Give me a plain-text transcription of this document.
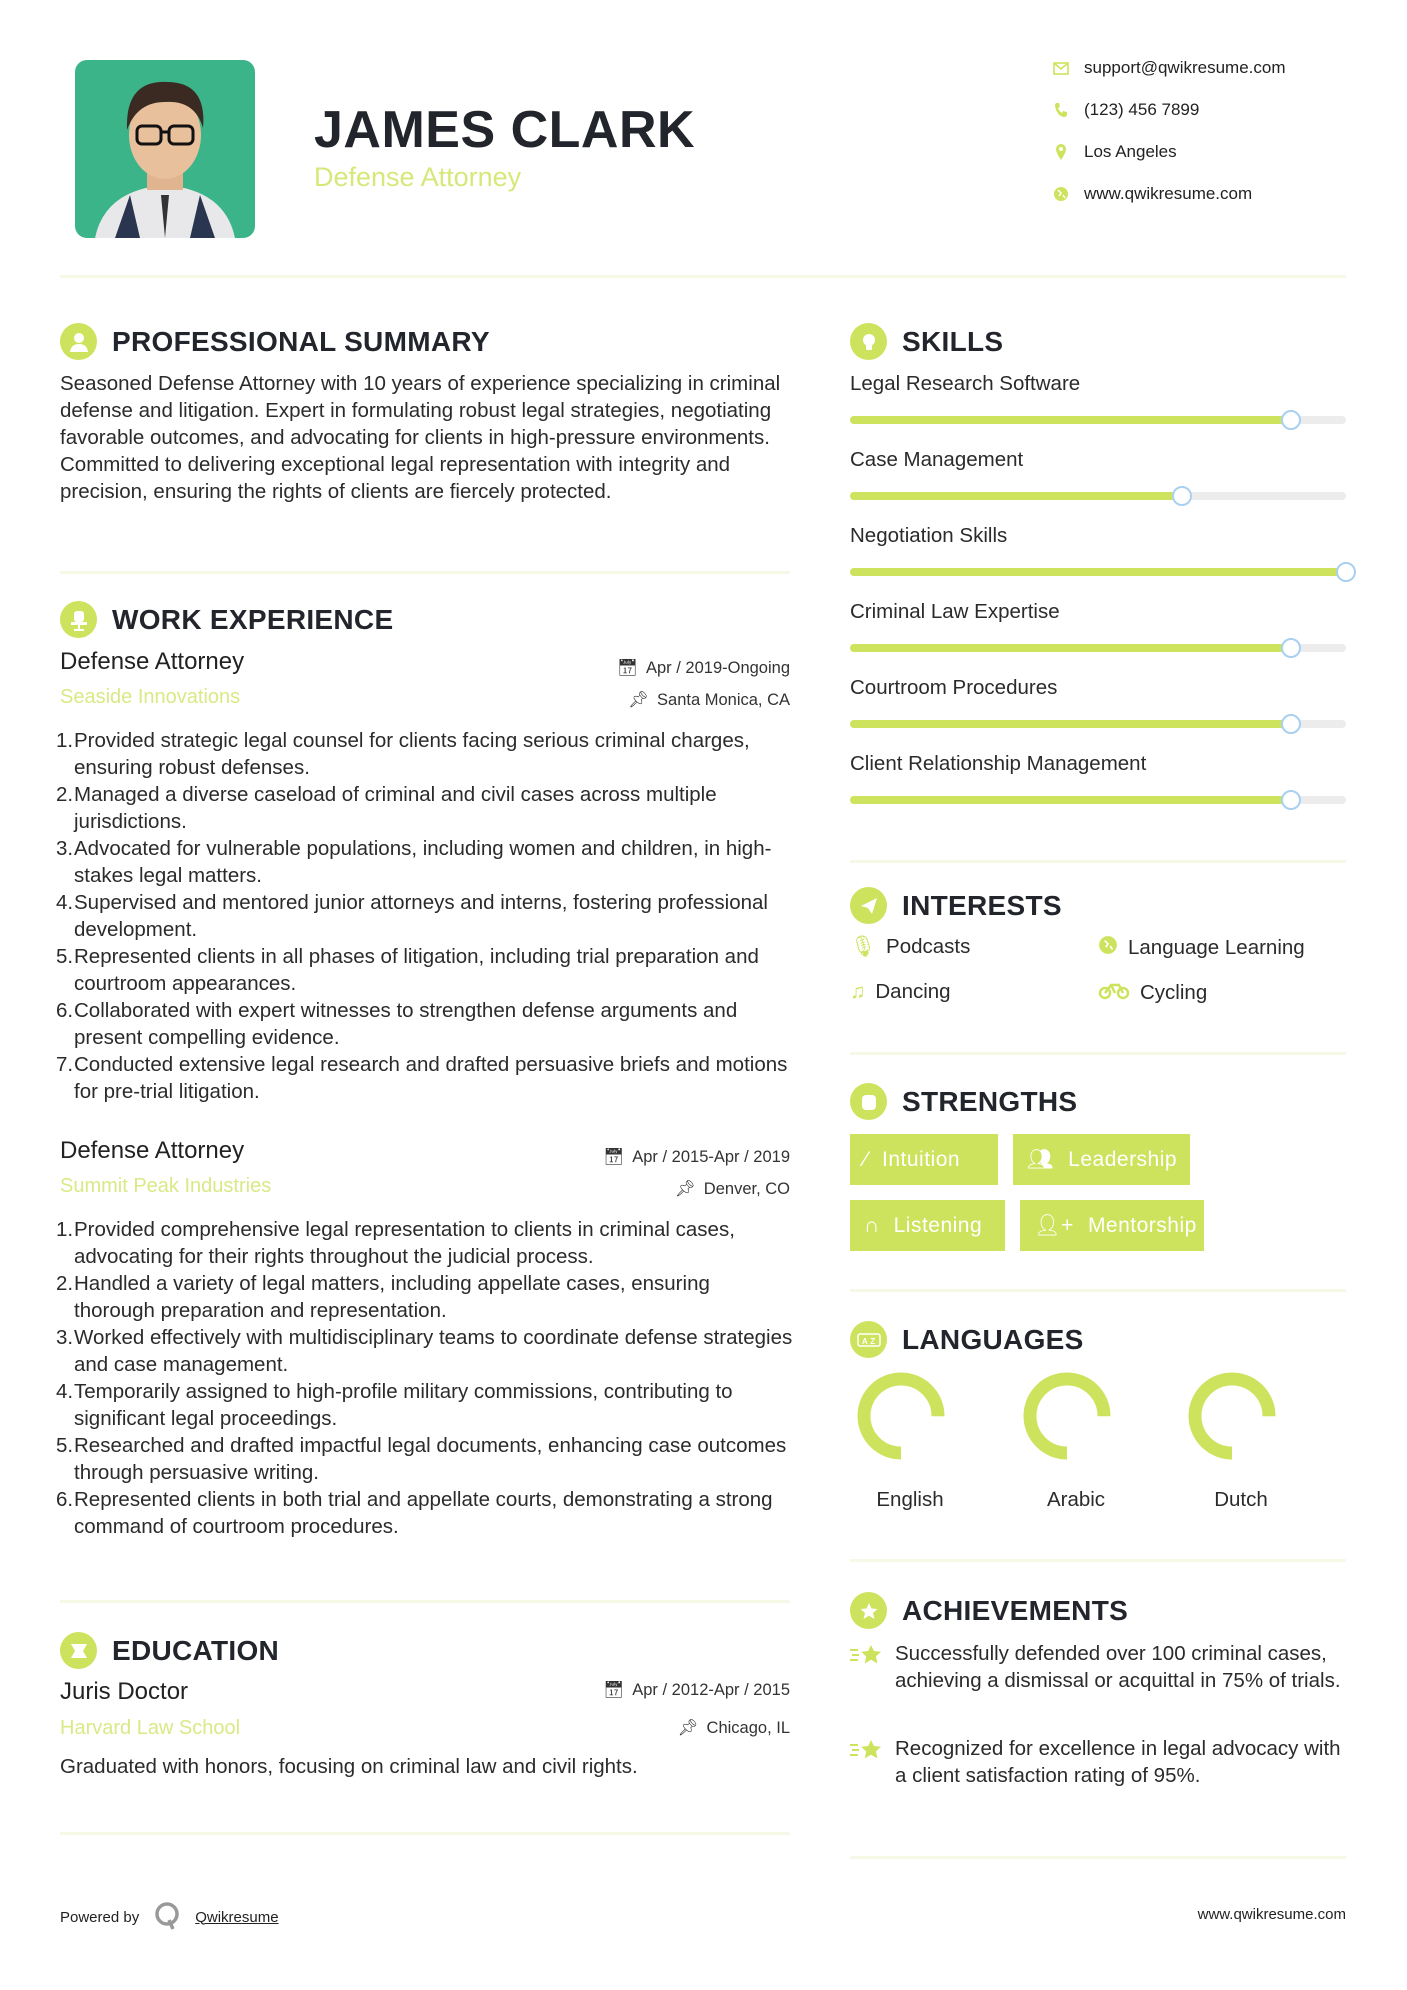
JAMES CLARK
Defense Attorney
support@qwikresume.com
(123) 456 7899
Los Angeles
www.qwikresume.com
PROFESSIONAL SUMMARY

Seasoned Defense Attorney with 10 years of experience specializing in criminal defense and litigation. Expert in formulating robust legal strategies, negotiating favorable outcomes, and advocating for clients in high-pressure environments. Committed to delivering exceptional legal representation with integrity and precision, ensuring the rights of clients are fiercely protected.

WORK EXPERIENCE
Defense Attorney
Seaside Innovations
📅︎ Apr / 2019-Ongoing
📌︎ Santa Monica, CA
1. Provided strategic legal counsel for clients facing serious criminal charges, ensuring robust defenses.
2. Managed a diverse caseload of criminal and civil cases across multiple jurisdictions.
3. Advocated for vulnerable populations, including women and children, in high-stakes legal matters.
4. Supervised and mentored junior attorneys and interns, fostering professional development.
5. Represented clients in all phases of litigation, including trial preparation and courtroom appearances.
6. Collaborated with expert witnesses to strengthen defense arguments and present compelling evidence.
7. Conducted extensive legal research and drafted persuasive briefs and motions for pre-trial litigation.
Defense Attorney
Summit Peak Industries
📅︎ Apr / 2015-Apr / 2019
📌︎ Denver, CO
1. Provided comprehensive legal representation to clients in criminal cases, advocating for their rights throughout the judicial process.
2. Handled a variety of legal matters, including appellate cases, ensuring thorough preparation and representation.
3. Worked effectively with multidisciplinary teams to coordinate defense strategies and case management.
4. Temporarily assigned to high-profile military commissions, contributing to significant legal proceedings.
5. Researched and drafted impactful legal documents, enhancing case outcomes through persuasive writing.
6. Represented clients in both trial and appellate courts, demonstrating a strong command of courtroom procedures.
EDUCATION
Juris Doctor
Harvard Law School
📅︎ Apr / 2012-Apr / 2015
📌︎ Chicago, IL

Graduated with honors, focusing on criminal law and civil rights.

SKILLS
Legal Research Software
Case Management
Negotiation Skills
Criminal Law Expertise
Courtroom Procedures
Client Relationship Management
INTERESTS
🎙︎ Podcasts	Language Learning
♫ Dancing	Cycling
STRENGTHS
⁄ Intuition	👥︎ Leadership
∩ Listening 👤︎+ Mentorship
A Z LANGUAGES
English	Arabic	Dutch
ACHIEVEMENTS
Successfully defended over 100 criminal cases, achieving a dismissal or acquittal in 75% of trials.
Recognized for excellence in legal advocacy with a client satisfaction rating of 95%.
Powered by	Qwikresume	www.qwikresume.com
